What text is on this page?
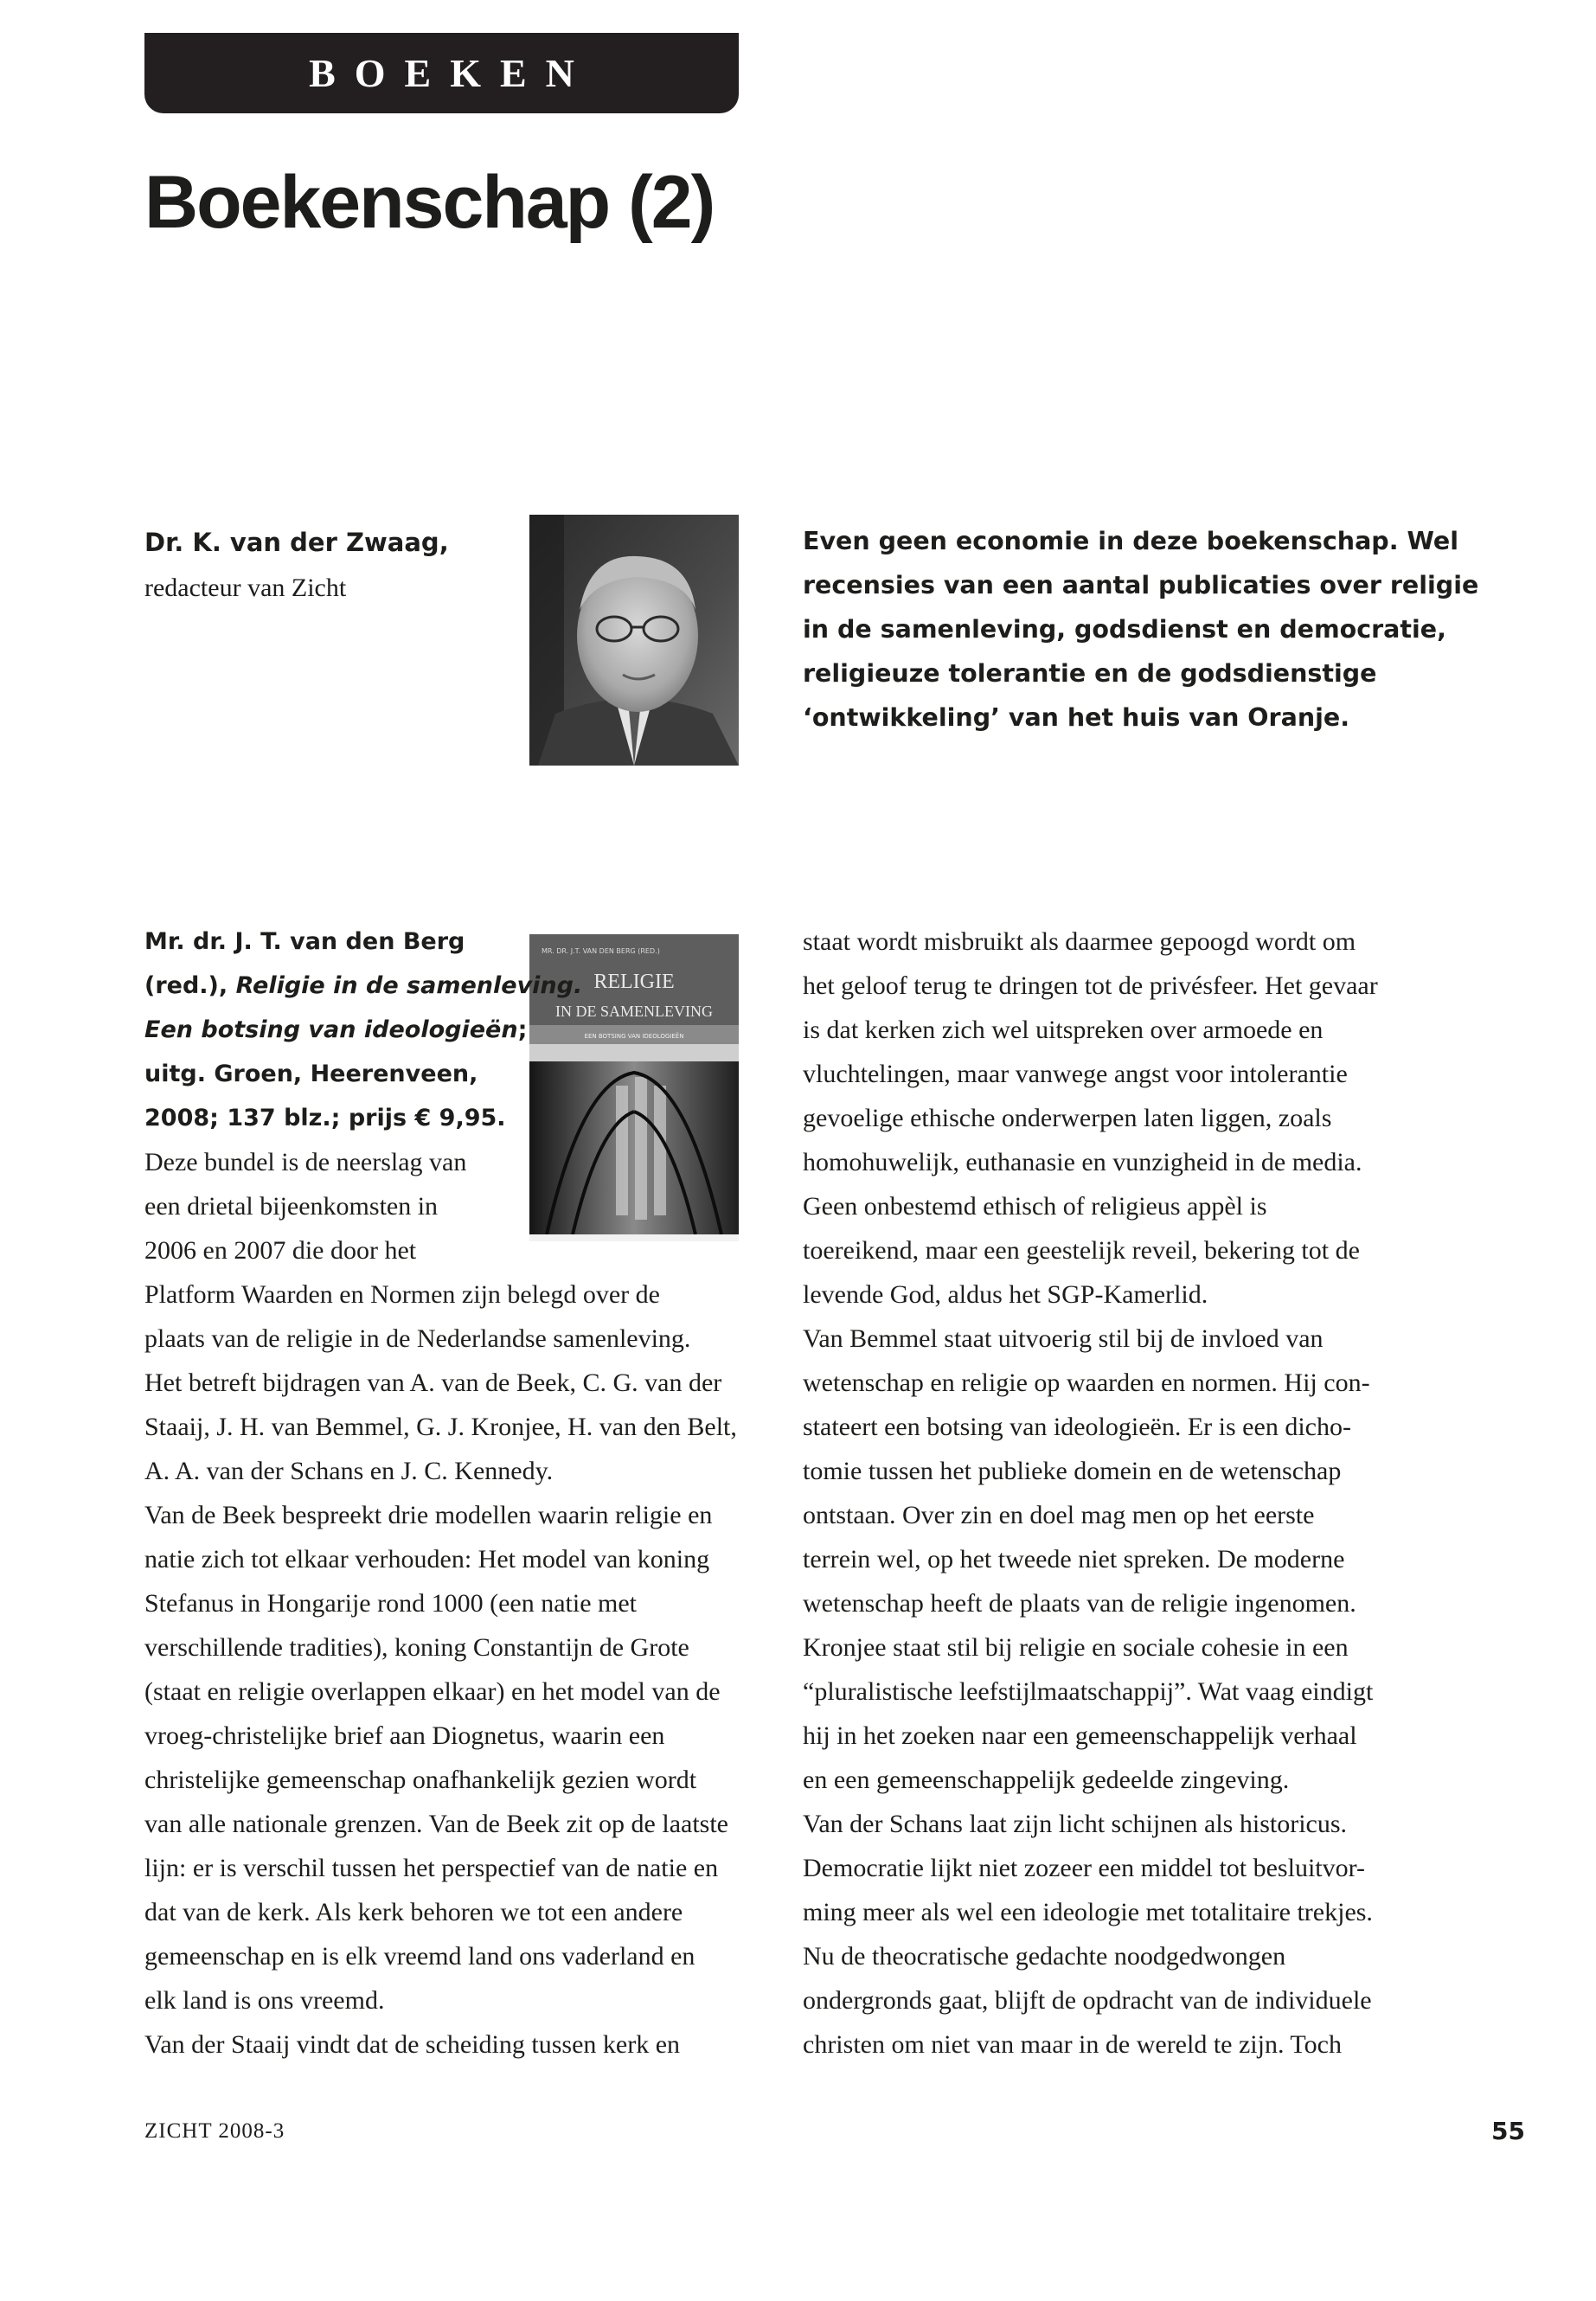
BOEKEN
Boekenschap (2)
Dr. K. van der Zwaag,
redacteur van Zicht
Even geen economie in deze boekenschap. Wel recensies van een aantal publicaties over religie in de samenleving, godsdienst en democratie, religieuze tolerantie en de godsdienstige ‘ontwikkeling’ van het huis van Oranje.
MR. DR. J.T. VAN DEN BERG (RED.)
RELIGIE
IN DE SAMENLEVING
EEN BOTSING VAN IDEOLOGIEËN
Mr. dr. J. T. van den Berg
(red.), Religie in de samenleving.
Een botsing van ideologieën;
uitg. Groen, Heerenveen,
2008; 137 blz.; prijs € 9,95.
Deze bundel is de neerslag van
een drietal bijeenkomsten in
2006 en 2007 die door het
Platform Waarden en Normen zijn belegd over de
plaats van de religie in de Nederlandse samenleving.
Het betreft bijdragen van A. van de Beek, C. G. van der
Staaij, J. H. van Bemmel, G. J. Kronjee, H. van den Belt,
A. A. van der Schans en J. C. Kennedy.
Van de Beek bespreekt drie modellen waarin religie en
natie zich tot elkaar verhouden: Het model van koning
Stefanus in Hongarije rond 1000 (een natie met
verschillende tradities), koning Constantijn de Grote
(staat en religie overlappen elkaar) en het model van de
vroeg-christelijke brief aan Diognetus, waarin een
christelijke gemeenschap onafhankelijk gezien wordt
van alle nationale grenzen. Van de Beek zit op de laatste
lijn: er is verschil tussen het perspectief van de natie en
dat van de kerk. Als kerk behoren we tot een andere
gemeenschap en is elk vreemd land ons vaderland en
elk land is ons vreemd.
Van der Staaij vindt dat de scheiding tussen kerk en
staat wordt misbruikt als daarmee gepoogd wordt om
het geloof terug te dringen tot de privésfeer. Het gevaar
is dat kerken zich wel uitspreken over armoede en
vluchtelingen, maar vanwege angst voor intolerantie
gevoelige ethische onderwerpen laten liggen, zoals
homohuwelijk, euthanasie en vunzigheid in de media.
Geen onbestemd ethisch of religieus appèl is
toereikend, maar een geestelijk reveil, bekering tot de
levende God, aldus het SGP-Kamerlid.
Van Bemmel staat uitvoerig stil bij de invloed van
wetenschap en religie op waarden en normen. Hij con-
stateert een botsing van ideologieën. Er is een dicho-
tomie tussen het publieke domein en de wetenschap
ontstaan. Over zin en doel mag men op het eerste
terrein wel, op het tweede niet spreken. De moderne
wetenschap heeft de plaats van de religie ingenomen.
Kronjee staat stil bij religie en sociale cohesie in een
“pluralistische leefstijlmaatschappij”. Wat vaag eindigt
hij in het zoeken naar een gemeenschappelijk verhaal
en een gemeenschappelijk gedeelde zingeving.
Van der Schans laat zijn licht schijnen als historicus.
Democratie lijkt niet zozeer een middel tot besluitvor-
ming meer als wel een ideologie met totalitaire trekjes.
Nu de theocratische gedachte noodgedwongen
ondergronds gaat, blijft de opdracht van de individuele
christen om niet van maar in de wereld te zijn. Toch
ZICHT 2008-3	55
